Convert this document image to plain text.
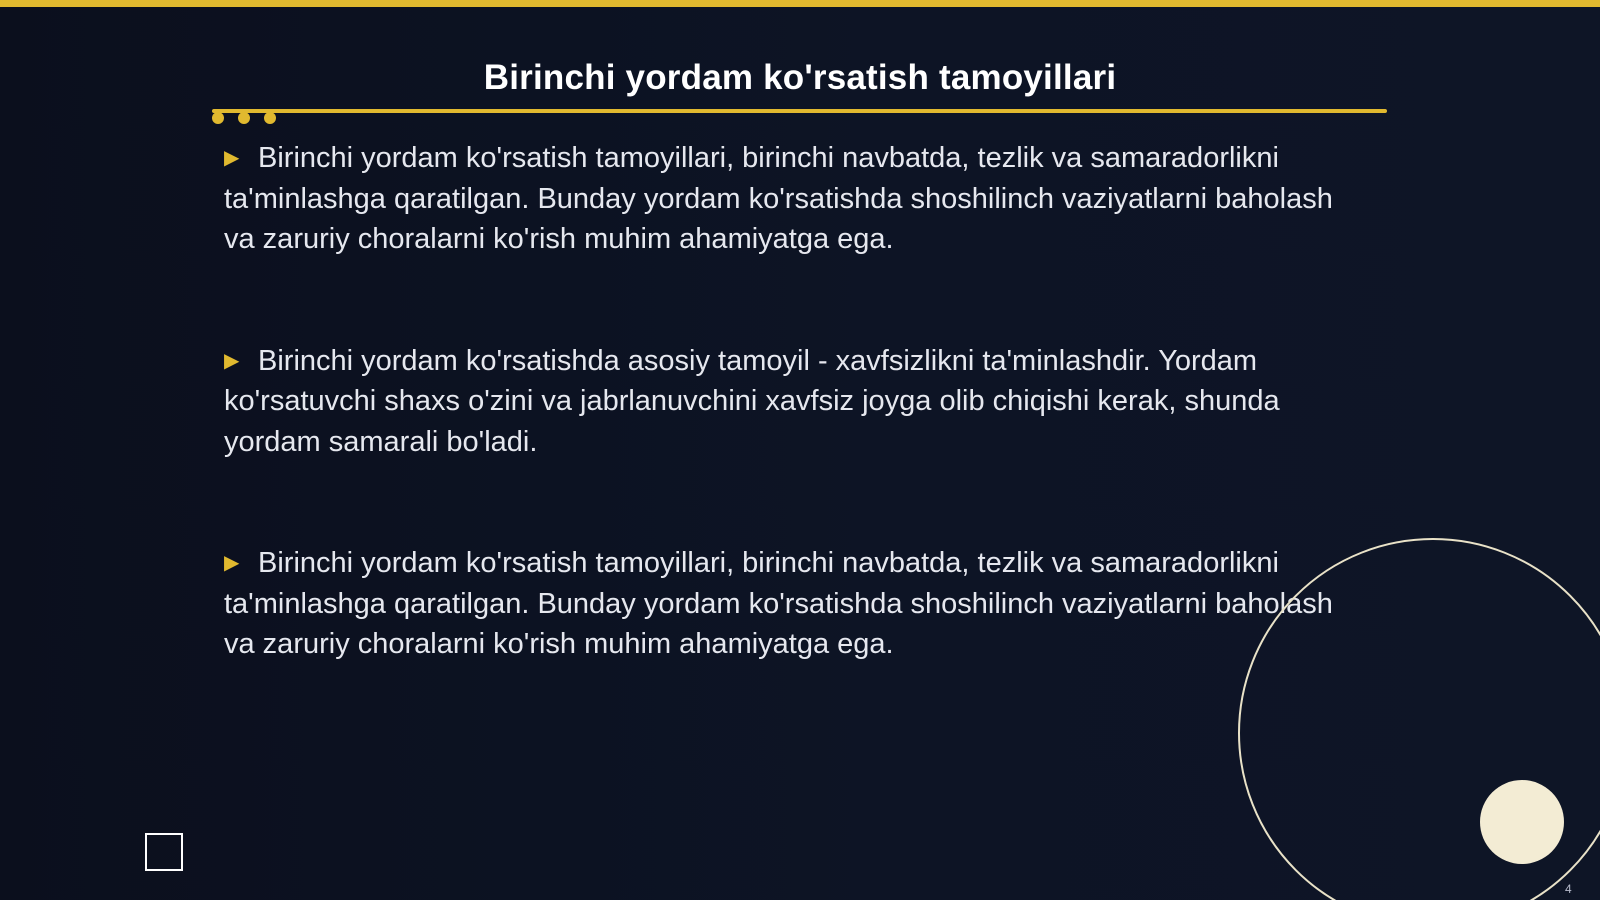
Birinchi yordam ko'rsatish tamoyillari

▶ Birinchi yordam ko'rsatish tamoyillari, birinchi navbatda, tezlik va samaradorlikni ta'minlashga qaratilgan. Bunday yordam ko'rsatishda shoshilinch vaziyatlarni baholash va zaruriy choralarni ko'rish muhim ahamiyatga ega.

▶ Birinchi yordam ko'rsatishda asosiy tamoyil - xavfsizlikni ta'minlashdir. Yordam ko'rsatuvchi shaxs o'zini va jabrlanuvchini xavfsiz joyga olib chiqishi kerak, shunda yordam samarali bo'ladi.

▶ Birinchi yordam ko'rsatish tamoyillari, birinchi navbatda, tezlik va samaradorlikni ta'minlashga qaratilgan. Bunday yordam ko'rsatishda shoshilinch vaziyatlarni baholash va zaruriy choralarni ko'rish muhim ahamiyatga ega.

4
